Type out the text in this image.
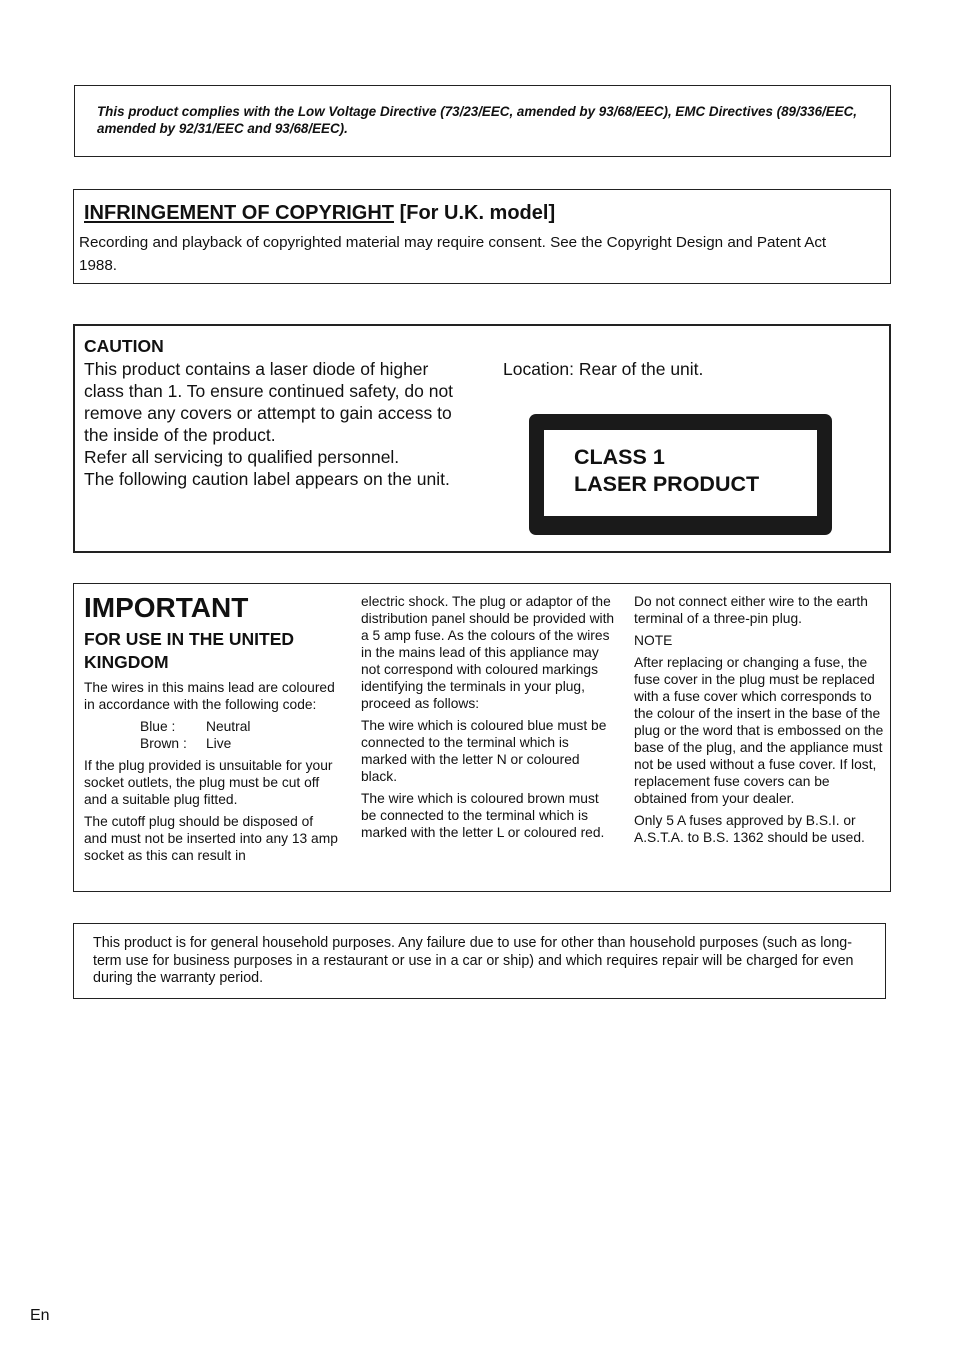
This product complies with the Low Voltage Directive (73/23/EEC, amended by 93/68/EEC), EMC Directives (89/336/EEC, amended by 92/31/EEC and 93/68/EEC).

INFRINGEMENT OF COPYRIGHT [For U.K. model]

Recording and playback of copyrighted material may require consent. See the Copyright Design and Patent Act 1988.

CAUTION
This product contains a laser diode of higher class than 1. To ensure continued safety, do not remove any covers or attempt to gain access to the inside of the product.
Refer all servicing to qualified personnel.
The following caution label appears on the unit.
Location: Rear of the unit.
CLASS 1
LASER PRODUCT
IMPORTANT
FOR USE IN THE UNITED KINGDOM

The wires in this mains lead are coloured in accordance with the following code:

Blue : Neutral
Brown : Live

If the plug provided is unsuitable for your socket outlets, the plug must be cut off and a suitable plug fitted.

The cutoff plug should be disposed of and must not be inserted into any 13 amp socket as this can result in

electric shock. The plug or adaptor of the distribution panel should be provided with a 5 amp fuse. As the colours of the wires in the mains lead of this appliance may not correspond with coloured markings identifying the terminals in your plug, proceed as follows:

The wire which is coloured blue must be connected to the terminal which is marked with the letter N or coloured black.

The wire which is coloured brown must be connected to the terminal which is marked with the letter L or coloured red.

Do not connect either wire to the earth terminal of a three-pin plug.

NOTE

After replacing or changing a fuse, the fuse cover in the plug must be replaced with a fuse cover which corresponds to the colour of the insert in the base of the plug or the word that is embossed on the base of the plug, and the appliance must not be used without a fuse cover. If lost, replacement fuse covers can be obtained from your dealer.

Only 5 A fuses approved by B.S.I. or A.S.T.A. to B.S. 1362 should be used.

This product is for general household purposes. Any failure due to use for other than household purposes (such as long-term use for business purposes in a restaurant or use in a car or ship) and which requires repair will be charged for even during the warranty period.

En
